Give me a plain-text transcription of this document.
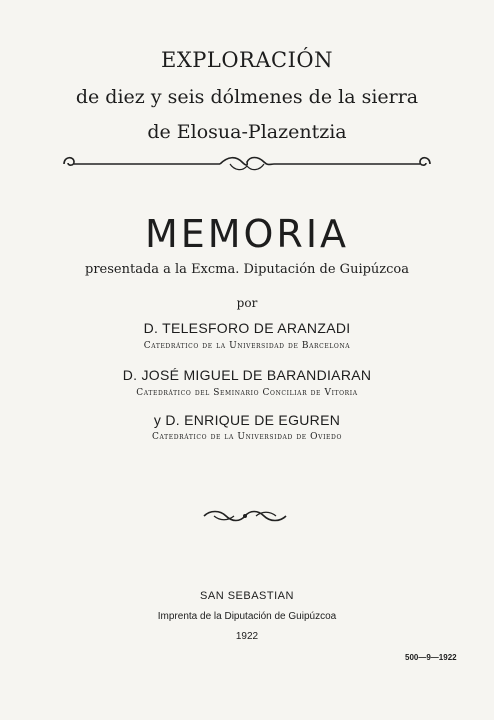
EXPLORACIÓN
de diez y seis dólmenes de la sierra
de Elosua-Plazentzia
MEMORIA
presentada a la Excma. Diputación de Guipúzcoa
por
D. TELESFORO DE ARANZADI
Catedrático de la Universidad de Barcelona
D. JOSÉ MIGUEL DE BARANDIARAN
Catedrático del Seminario Conciliar de Vitoria
y D. ENRIQUE DE EGUREN
Catedrático de la Universidad de Oviedo
SAN SEBASTIAN
Imprenta de la Diputación de Guipúzcoa
1922
500—9—1922
